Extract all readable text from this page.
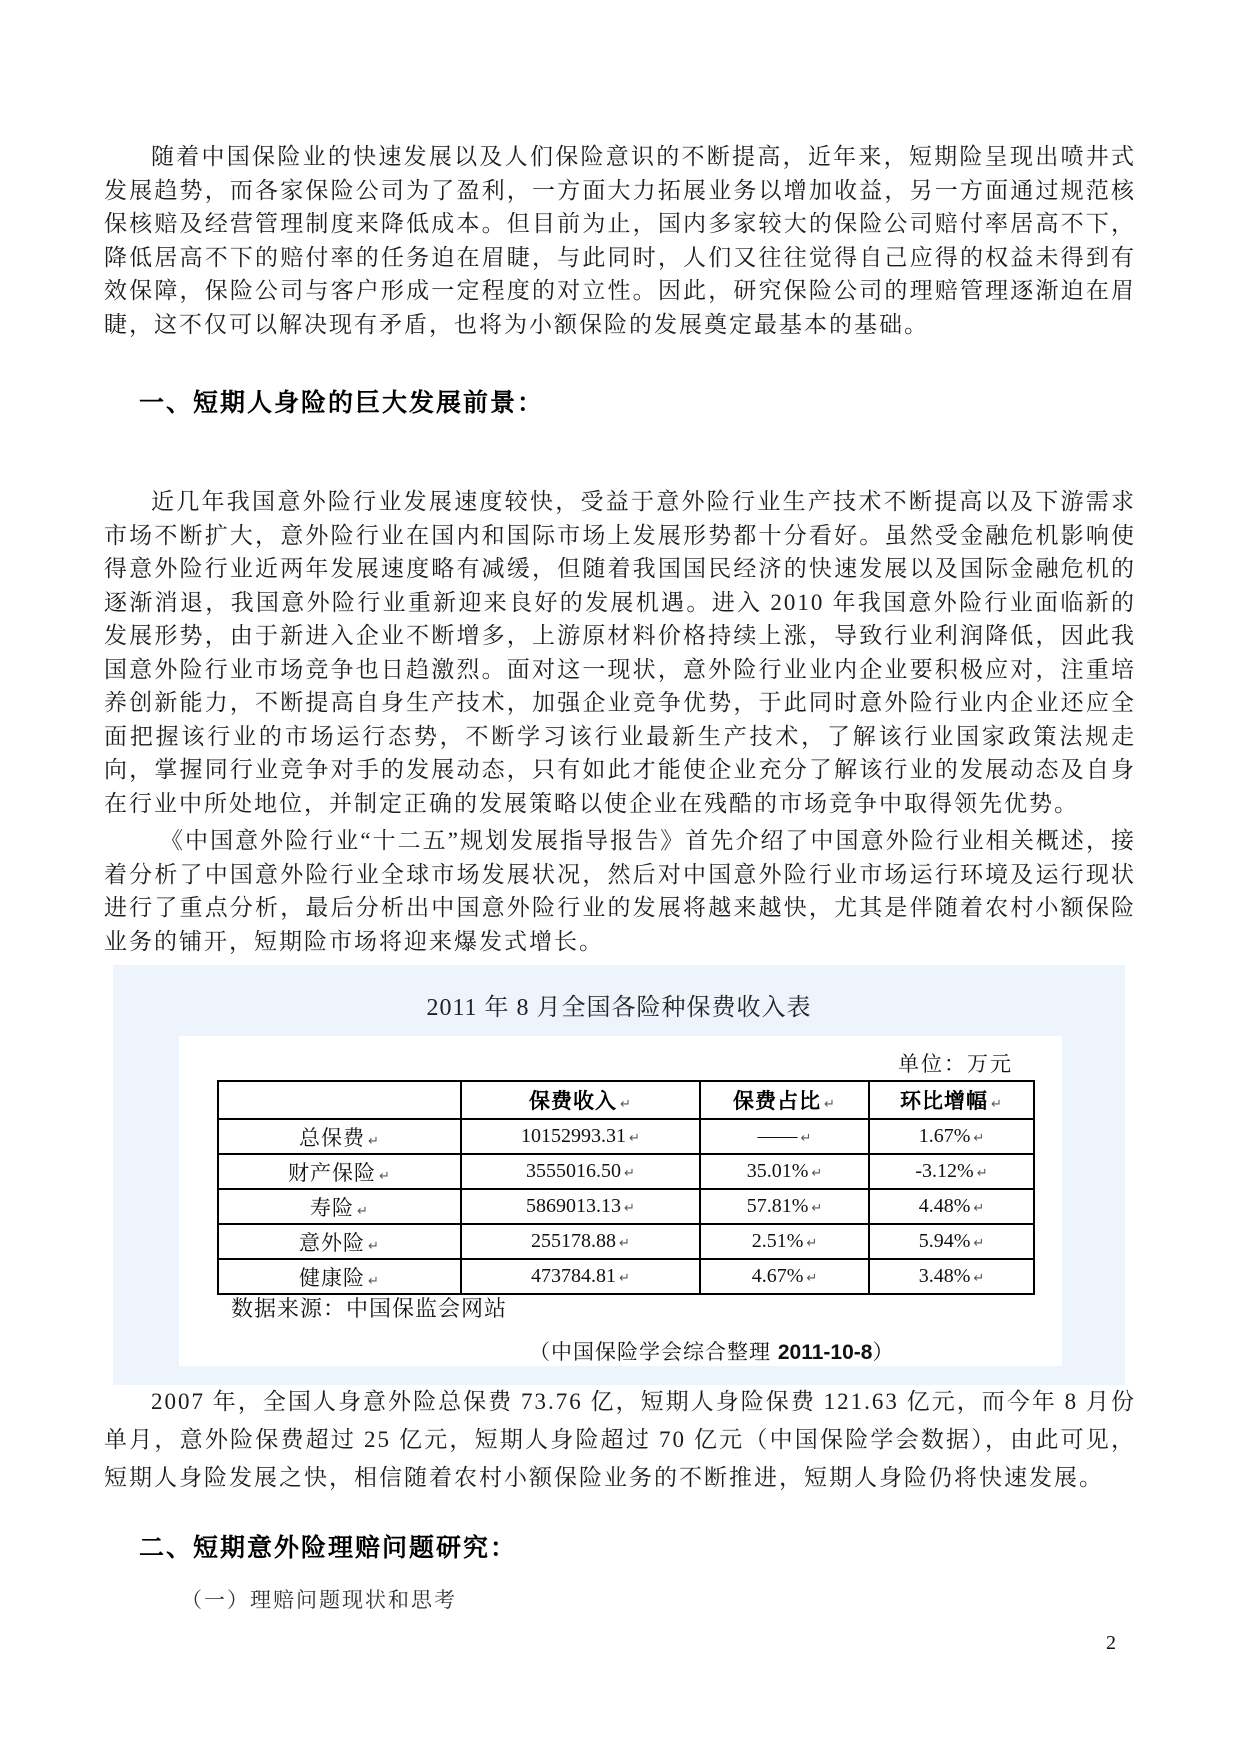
随着中国保险业的快速发展以及人们保险意识的不断提高，近年来，短期险呈现出喷井式发展趋势，而各家保险公司为了盈利，一方面大力拓展业务以增加收益，另一方面通过规范核保核赔及经营管理制度来降低成本。但目前为止，国内多家较大的保险公司赔付率居高不下，降低居高不下的赔付率的任务迫在眉睫，与此同时，人们又往往觉得自己应得的权益未得到有效保障，保险公司与客户形成一定程度的对立性。因此，研究保险公司的理赔管理逐渐迫在眉睫，这不仅可以解决现有矛盾，也将为小额保险的发展奠定最基本的基础。
一、短期人身险的巨大发展前景：
近几年我国意外险行业发展速度较快，受益于意外险行业生产技术不断提高以及下游需求市场不断扩大，意外险行业在国内和国际市场上发展形势都十分看好。虽然受金融危机影响使得意外险行业近两年发展速度略有减缓，但随着我国国民经济的快速发展以及国际金融危机的逐渐消退，我国意外险行业重新迎来良好的发展机遇。进入 2010 年我国意外险行业面临新的发展形势，由于新进入企业不断增多，上游原材料价格持续上涨，导致行业利润降低，因此我国意外险行业市场竞争也日趋激烈。面对这一现状，意外险行业业内企业要积极应对，注重培养创新能力，不断提高自身生产技术，加强企业竞争优势，于此同时意外险行业内企业还应全面把握该行业的市场运行态势，不断学习该行业最新生产技术，了解该行业国家政策法规走向，掌握同行业竞争对手的发展动态，只有如此才能使企业充分了解该行业的发展动态及自身在行业中所处地位，并制定正确的发展策略以使企业在残酷的市场竞争中取得领先优势。
《中国意外险行业“十二五”规划发展指导报告》首先介绍了中国意外险行业相关概述，接着分析了中国意外险行业全球市场发展状况，然后对中国意外险行业市场运行环境及运行现状进行了重点分析，最后分析出中国意外险行业的发展将越来越快，尤其是伴随着农村小额保险业务的铺开，短期险市场将迎来爆发式增长。
2011 年 8 月全国各险种保费收入表
单位：万元
	保费收入 ↵	保费占比 ↵	环比增幅 ↵
总保费 ↵	10152993.31 ↵	—— ↵	1.67% ↵
财产保险 ↵	3555016.50 ↵	35.01% ↵	-3.12% ↵
寿险 ↵	5869013.13 ↵	57.81% ↵	4.48% ↵
意外险 ↵	255178.88 ↵	2.51% ↵	5.94% ↵
健康险 ↵	473784.81 ↵	4.67% ↵	3.48% ↵
数据来源：中国保监会网站
（中国保险学会综合整理 2011-10-8）
2007 年，全国人身意外险总保费 73.76 亿，短期人身险保费 121.63 亿元，而今年 8 月份单月，意外险保费超过 25 亿元，短期人身险超过 70 亿元（中国保险学会数据），由此可见，短期人身险发展之快，相信随着农村小额保险业务的不断推进，短期人身险仍将快速发展。
二、短期意外险理赔问题研究：
（一）理赔问题现状和思考
2
